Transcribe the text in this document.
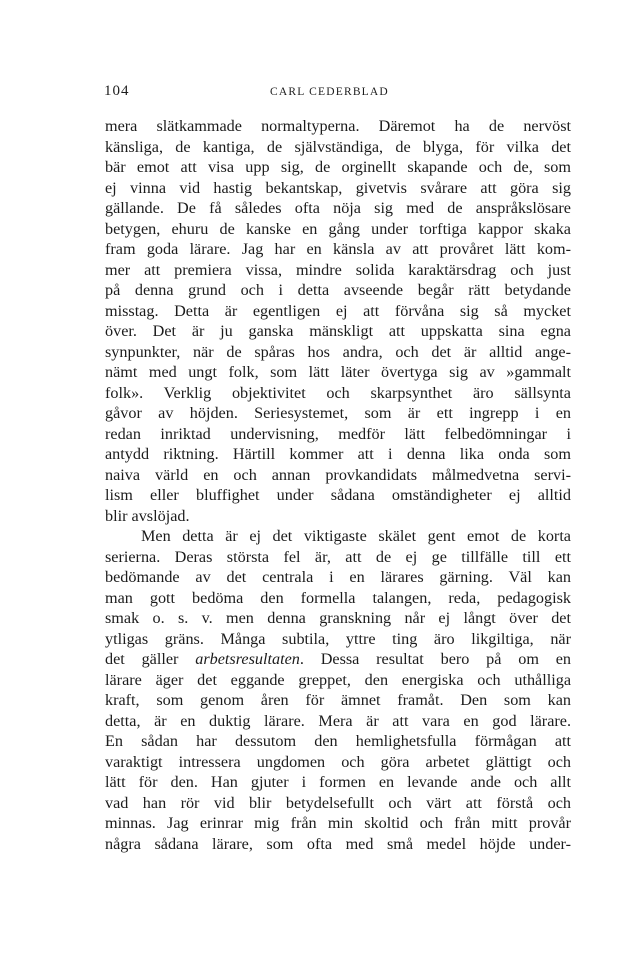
104	CARL CEDERBLAD
mera slätkammade normaltyperna. Däremot ha de nervöst
känsliga, de kantiga, de självständiga, de blyga, för vilka det
bär emot att visa upp sig, de orginellt skapande och de, som
ej vinna vid hastig bekantskap, givetvis svårare att göra sig
gällande. De få således ofta nöja sig med de anspråkslösare
betygen, ehuru de kanske en gång under torftiga kappor skaka
fram goda lärare. Jag har en känsla av att provåret lätt kom-
mer att premiera vissa, mindre solida karaktärsdrag och just
på denna grund och i detta avseende begår rätt betydande
misstag. Detta är egentligen ej att förvåna sig så mycket
över. Det är ju ganska mänskligt att uppskatta sina egna
synpunkter, när de spåras hos andra, och det är alltid ange-
nämt med ungt folk, som lätt läter övertyga sig av »gammalt
folk». Verklig objektivitet och skarpsynthet äro sällsynta
gåvor av höjden. Seriesystemet, som är ett ingrepp i en
redan inriktad undervisning, medför lätt felbedömningar i
antydd riktning. Härtill kommer att i denna lika onda som
naiva värld en och annan provkandidats målmedvetna servi-
lism eller bluffighet under sådana omständigheter ej alltid
blir avslöjad.
Men detta är ej det viktigaste skälet gent emot de korta
serierna. Deras största fel är, att de ej ge tillfälle till ett
bedömande av det centrala i en lärares gärning. Väl kan
man gott bedöma den formella talangen, reda, pedagogisk
smak o. s. v. men denna granskning når ej långt över det
ytligas gräns. Många subtila, yttre ting äro likgiltiga, när
det gäller arbetsresultaten. Dessa resultat bero på om en
lärare äger det eggande greppet, den energiska och uthålliga
kraft, som genom åren för ämnet framåt. Den som kan
detta, är en duktig lärare. Mera är att vara en god lärare.
En sådan har dessutom den hemlighetsfulla förmågan att
varaktigt intressera ungdomen och göra arbetet glättigt och
lätt för den. Han gjuter i formen en levande ande och allt
vad han rör vid blir betydelsefullt och värt att förstå och
minnas. Jag erinrar mig från min skoltid och från mitt provår
några sådana lärare, som ofta med små medel höjde under-
